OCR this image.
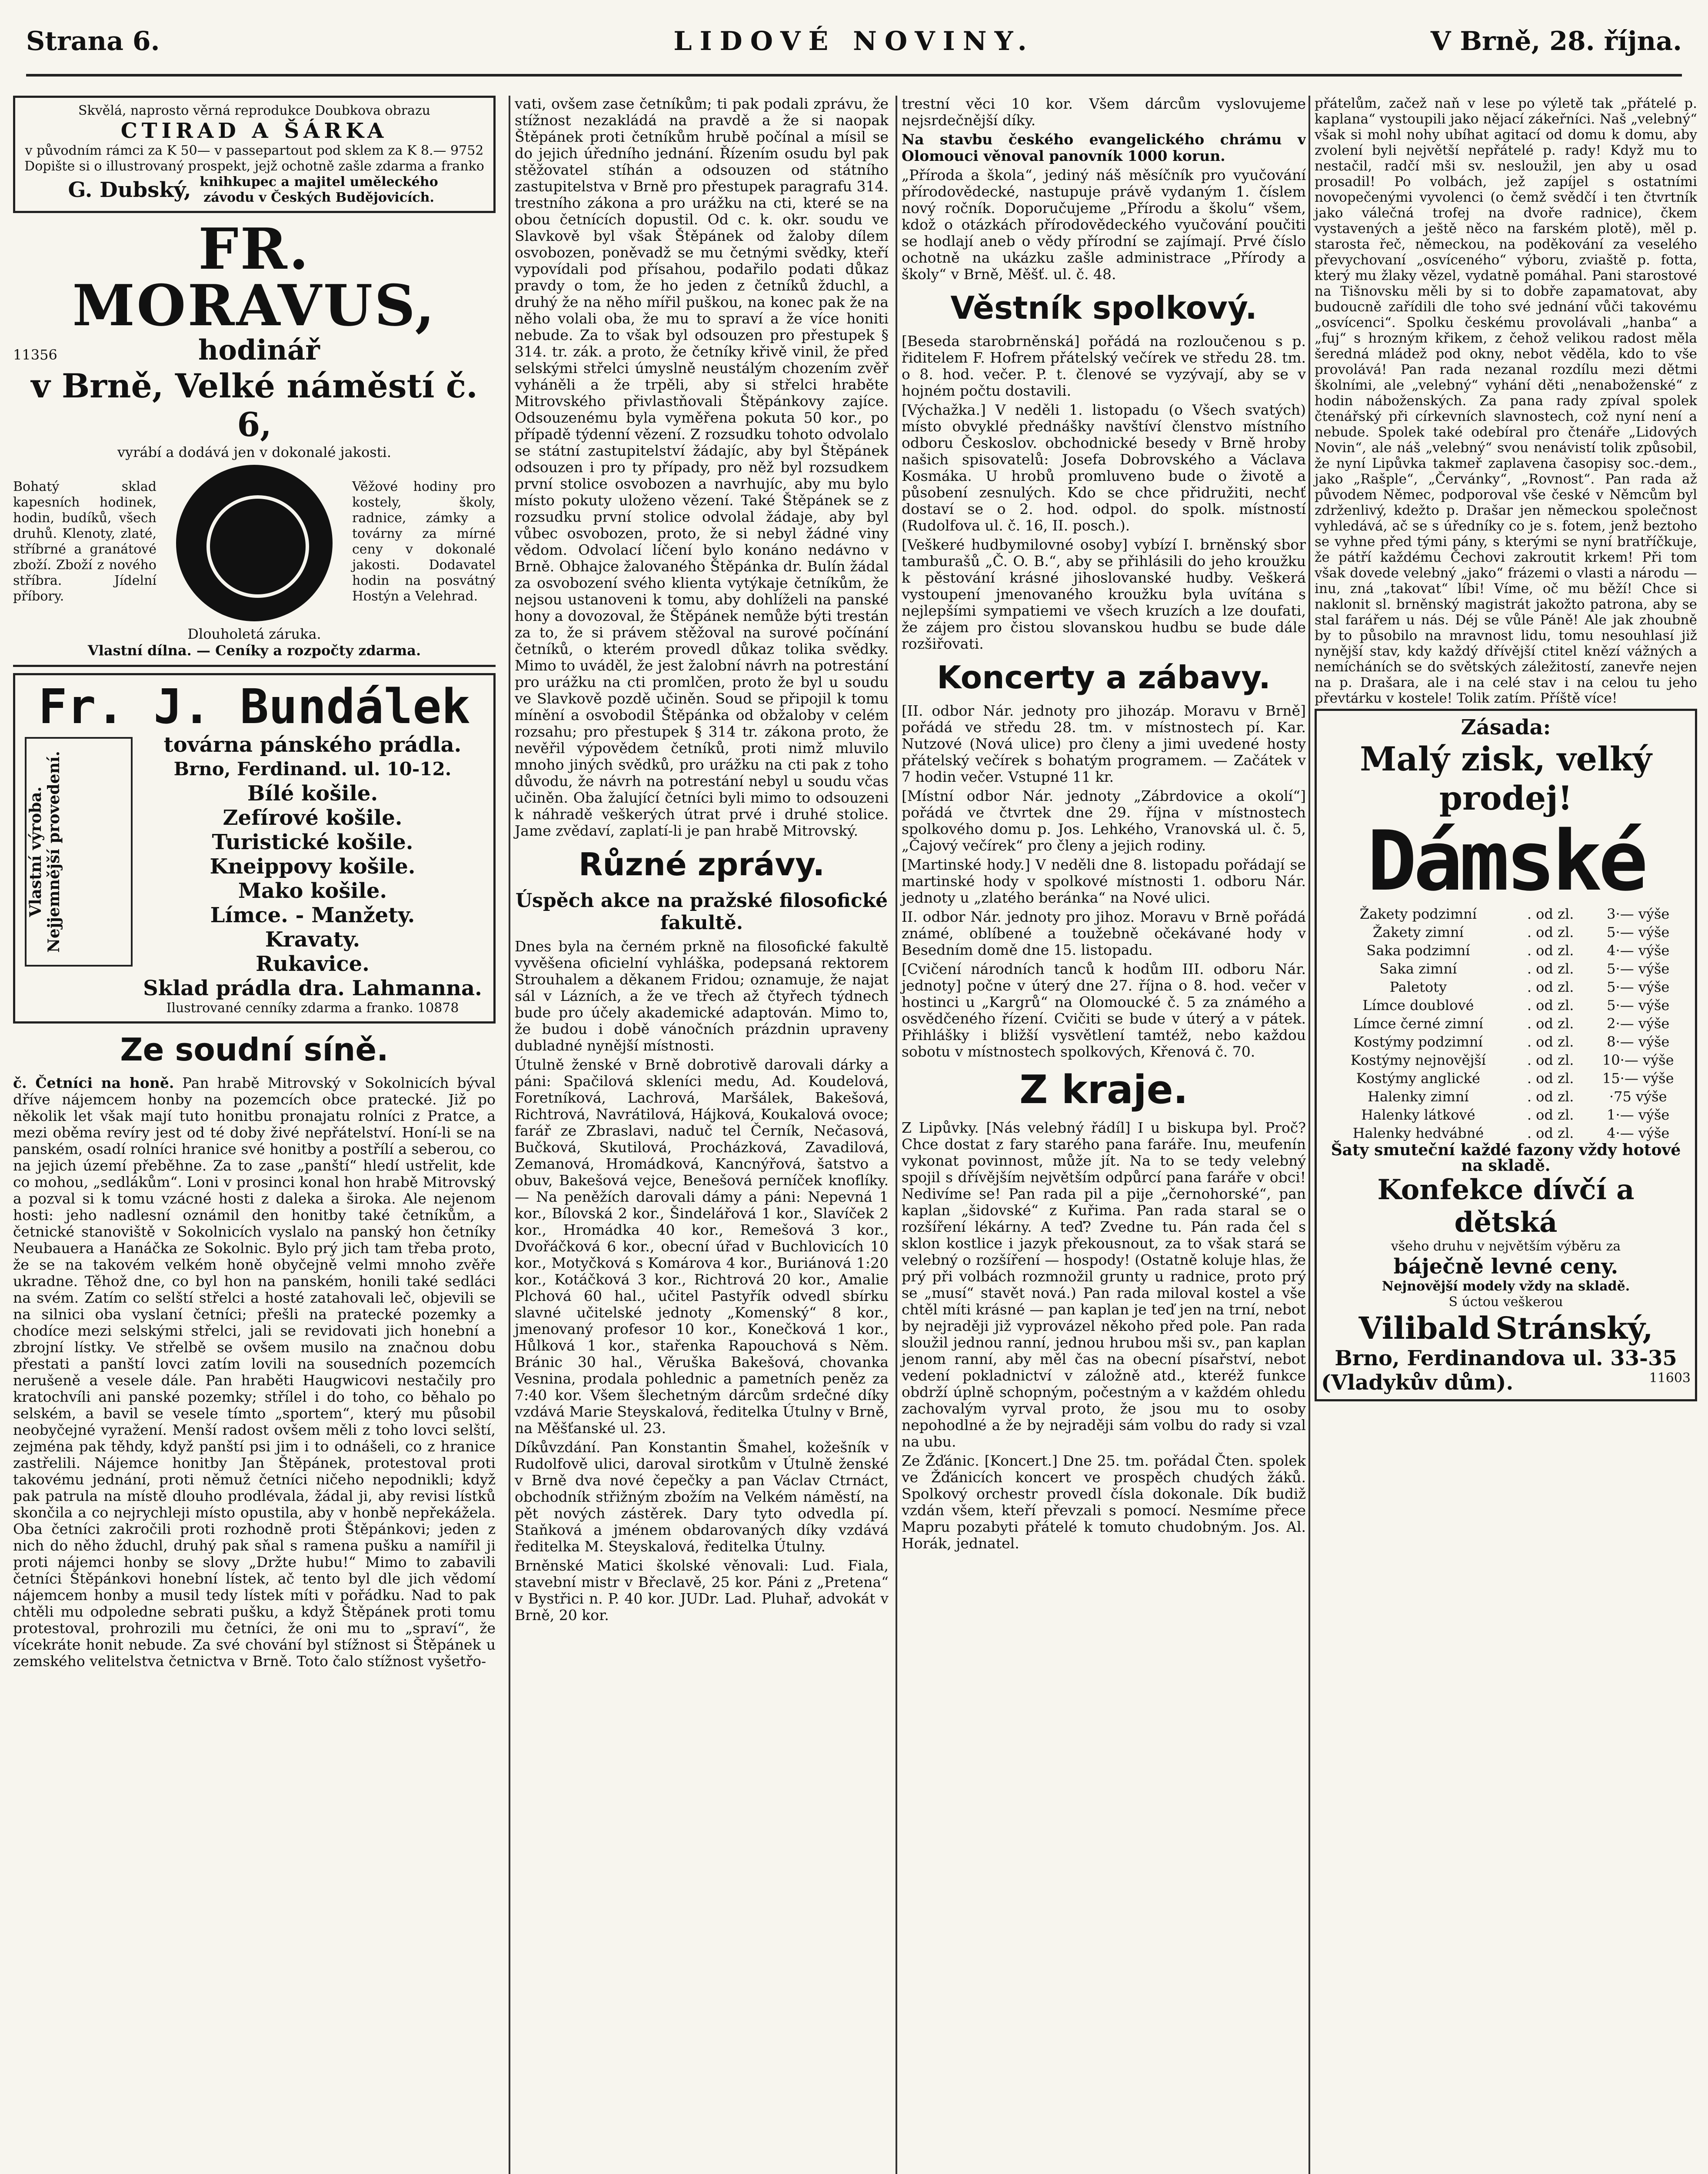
Strana 6.	LIDOVÉ NOVINY.	V Brně, 28. října.
Skvělá, naprosto věrná reprodukce Doubkova obrazu
CTIRAD A ŠÁRKA
v původním rámci za K 50— v passepartout pod sklem za K 8.— 9752
Dopište si o illustrovaný prospekt, jejž ochotně zašle zdarma a franko
G. Dubský, knihkupec a majitel uměleckého závodu v Českých Budějovicích.
FR. MORAVUS,
11356	hodinář
v Brně, Velké náměstí č. 6,
vyrábí a dodává jen v dokonalé jakosti.

Bohatý sklad kapesních hodinek, hodin, budíků, všech druhů. Klenoty, zlaté, stříbrné a granátové zboží. Zboží z nového stříbra. Jídelní příbory.

Věžové hodiny pro kostely, školy, radnice, zámky a továrny za mírné ceny v dokonalé jakosti. Dodavatel hodin na posvátný Hostýn a Velehrad.

Dlouholetá záruka.
Vlastní dílna. — Ceníky a rozpočty zdarma.
Fr. J. Bundálek
Vlastní výroba. Nejjemnější provedení.
továrna pánského prádla.
Brno, Ferdinand. ul. 10-12.
Bílé košile.
Zefírové košile.
Turistické košile.
Kneippovy košile.
Mako košile.
Límce. - Manžety.
Kravaty.
Rukavice.
Sklad prádla dra. Lahmanna.
Ilustrované cenníky zdarma a franko. 10878
Ze soudní síně.

č. Četníci na honě. Pan hrabě Mitrovský v Sokolnicích býval dříve nájemcem honby na pozemcích obce pratecké. Již po několik let však mají tuto honitbu pronajatu rolníci z Pratce, a mezi oběma revíry jest od té doby živé nepřátelství. Honí-li se na panském, osadí rolníci hranice své honitby a postřílí a seberou, co na jejich území přeběhne. Za to zase „panští“ hledí ustřelit, kde co mohou, „sedlákům“. Loni v prosinci konal hon hrabě Mitrovský a pozval si k tomu vzácné hosti z daleka a široka. Ale nejenom hosti: jeho nadlesní oznámil den honitby také četníkům, a četnické stanoviště v Sokolnicích vyslalo na panský hon četníky Neubauera a Hanáčka ze Sokolnic. Bylo prý jich tam třeba proto, že se na takovém velkém honě obyčejně velmi mnoho zvěře ukradne. Těhož dne, co byl hon na panském, honili také sedláci na svém. Zatím co selští střelci a hosté zatahovali leč, objevili se na silnici oba vyslaní četníci; přešli na pratecké pozemky a chodíce mezi selskými střelci, jali se revidovati jich honební a zbrojní lístky. Ve střelbě se ovšem musilo na značnou dobu přestati a panští lovci zatím lovili na sousedních pozemcích nerušeně a vesele dále. Pan hraběti Haugwicovi nestačily pro kratochvíli ani panské pozemky; střílel i do toho, co běhalo po selském, a bavil se vesele tímto „sportem“, který mu působil neobyčejné vyražení. Menší radost ovšem měli z toho lovci selští, zejména pak těhdy, když panští psi jim i to odnášeli, co z hranice zastřelili. Nájemce honitby Jan Štěpánek, protestoval proti takovému jednání, proti němuž četníci ničeho nepodnikli; když pak patrula na místě dlouho prodlévala, žádal ji, aby revisi lístků skončila a co nejrychleji místo opustila, aby v honbě nepřekážela. Oba četníci zakročili proti rozhodně proti Štěpánkovi; jeden z nich do něho žduchl, druhý pak sňal s ramena pušku a namířil ji proti nájemci honby se slovy „Držte hubu!“ Mimo to zabavili četníci Štěpánkovi honební lístek, ač tento byl dle jich vědomí nájemcem honby a musil tedy lístek míti v pořádku. Nad to pak chtěli mu odpoledne sebrati pušku, a když Štěpánek proti tomu protestoval, prohrozili mu četníci, že oni mu to „spraví“, že vícekráte honit nebude. Za své chování byl stížnost si Štěpánek u zemského velitelstva četnictva v Brně. Toto čalo stížnost vyšetřo-

vati, ovšem zase četníkům; ti pak podali zprávu, že stížnost nezakládá na pravdě a že si naopak Štěpánek proti četníkům hrubě počínal a mísil se do jejich úředního jednání. Řízením osudu byl pak stěžovatel stíhán a odsouzen od státního zastupitelstva v Brně pro přestupek paragrafu 314. trestního zákona a pro urážku na cti, které se na obou četnících dopustil. Od c. k. okr. soudu ve Slavkově byl však Štěpánek od žaloby dílem osvobozen, poněvadž se mu četnými svědky, kteří vypovídali pod přísahou, podařilo podati důkaz pravdy o tom, že ho jeden z četníků žduchl, a druhý že na něho mířil puškou, na konec pak že na něho volali oba, že mu to spraví a že více honiti nebude. Za to však byl odsouzen pro přestupek § 314. tr. zák. a proto, že četníky křivě vinil, že před selskými střelci úmyslně neustálým chozením zvěř vyháněli a že trpěli, aby si střelci hraběte Mitrovského přivlastňovali Štěpánkovy zajíce. Odsouzenému byla vyměřena pokuta 50 kor., po případě týdenní vězení. Z rozsudku tohoto odvolalo se státní zastupitelství žádajíc, aby byl Štěpánek odsouzen i pro ty případy, pro něž byl rozsudkem první stolice osvobozen a navrhujíc, aby mu bylo místo pokuty uloženo vězení. Také Štěpánek se z rozsudku první stolice odvolal žádaje, aby byl vůbec osvobozen, proto, že si nebyl žádné viny vědom. Odvolací líčení bylo konáno nedávno v Brně. Obhajce žalovaného Štěpánka dr. Bulín žádal za osvobození svého klienta vytýkaje četníkům, že nejsou ustanoveni k tomu, aby dohlíželi na panské hony a dovozoval, že Štěpánek nemůže býti trestán za to, že si právem stěžoval na surové počínání četníků, o kterém provedl důkaz tolika svědky. Mimo to uváděl, že jest žalobní návrh na potrestání pro urážku na cti promlčen, proto že byl u soudu ve Slavkově pozdě učiněn. Soud se připojil k tomu mínění a osvobodil Štěpánka od obžaloby v celém rozsahu; pro přestupek § 314 tr. zákona proto, že nevěřil výpovědem četníků, proti nimž mluvilo mnoho jiných svědků, pro urážku na cti pak z toho důvodu, že návrh na potrestání nebyl u soudu včas učiněn. Oba žalující četníci byli mimo to odsouzeni k náhradě veškerých útrat prvé i druhé stolice. Jame zvědaví, zaplatí-li je pan hrabě Mitrovský.

Různé zprávy.
Úspěch akce na pražské filosofické fakultě.

Dnes byla na černém prkně na filosofické fakultě vyvěšena oficielní vyhláška, podepsaná rektorem Strouhalem a děkanem Fridou; oznamuje, že najat sál v Lázních, a že ve třech až čtyřech týdnech bude pro účely akademické adaptován. Mimo to, že budou i době vánočních prázdnin upraveny dubladné nynější místnosti.

Útulně ženské v Brně dobrotivě darovali dárky a páni: Spačilová skleníci medu, Ad. Koudelová, Foretníková, Lachrová, Maršálek, Bakešová, Richtrová, Navrátilová, Hájková, Koukalová ovoce; farář ze Zbraslavi, naduč tel Černík, Nečasová, Bučková, Skutilová, Procházková, Zavadilová, Zemanová, Hromádková, Kancnýřová, šatstvo a obuv, Bakešová vejce, Benešová perníček knoflíky. — Na peněžích darovali dámy a páni: Nepevná 1 kor., Bílovská 2 kor., Šindelářová 1 kor., Slavíček 2 kor., Hromádka 40 kor., Remešová 3 kor., Dvořáčková 6 kor., obecní úřad v Buchlovicích 10 kor., Motyčková s Komárova 4 kor., Buriánová 1:20 kor., Kotáčková 3 kor., Richtrová 20 kor., Amalie Plchová 60 hal., učitel Pastyřík odvedl sbírku slavné učitelské jednoty „Komenský“ 8 kor., jmenovaný profesor 10 kor., Konečková 1 kor., Hůlková 1 kor., stařenka Rapouchová s Něm. Bránic 30 hal., Věruška Bakešová, chovanka Vesnina, prodala pohlednic a pametních peněz za 7:40 kor. Všem šlechetným dárcům srdečné díky vzdává Marie Steyskalová, ředitelka Útulny v Brně, na Měšťanské ul. 23.

Díkůvzdání. Pan Konstantin Šmahel, kožešník v Rudolfově ulici, daroval sirotkům v Útulně ženské v Brně dva nové čepečky a pan Václav Ctrnáct, obchodník střižným zbožím na Velkém náměstí, na pět nových zástěrek. Dary tyto odvedla pí. Staňková a jménem obdarovaných díky vzdává ředitelka M. Steyskalová, ředitelka Útulny.

Brněnské Matici školské věnovali: Lud. Fiala, stavební mistr v Břeclavě, 25 kor. Páni z „Pretena“ v Bystřici n. P. 40 kor. JUDr. Lad. Pluhař, advokát v Brně, 20 kor.

trestní věci 10 kor. Všem dárcům vyslovujeme nejsrdečnější díky.

Na stavbu českého evangelického chrámu v Olomouci věnoval panovník 1000 korun.

„Příroda a škola“, jediný náš měsíčník pro vyučování přírodovědecké, nastupuje právě vydaným 1. číslem nový ročník. Doporučujeme „Přírodu a školu“ všem, kdož o otázkách přírodovědeckého vyučování poučiti se hodlají aneb o vědy přírodní se zajímají. Prvé číslo ochotně na ukázku zašle administrace „Přírody a školy“ v Brně, Měšť. ul. č. 48.

Věstník spolkový.

[Beseda starobrněnská] pořádá na rozloučenou s p. řiditelem F. Hofrem přátelský večírek ve středu 28. tm. o 8. hod. večer. P. t. členové se vyzývají, aby se v hojném počtu dostavili.

[Výchažka.] V neděli 1. listopadu (o Všech svatých) místo obvyklé přednášky navštíví členstvo místního odboru Českoslov. obchodnické besedy v Brně hroby našich spisovatelů: Josefa Dobrovského a Václava Kosmáka. U hrobů promluveno bude o životě a působení zesnulých. Kdo se chce přidružiti, nechť dostaví se o 2. hod. odpol. do spolk. místností (Rudolfova ul. č. 16, II. posch.).

[Veškeré hudbymilovné osoby] vybízí I. brněnský sbor tamburašů „Č. O. B.“, aby se přihlásili do jeho kroužku k pěstování krásné jihoslovanské hudby. Veškerá vystoupení jmenovaného kroužku byla uvítána s nejlepšími sympatiemi ve všech kruzích a lze doufati, že zájem pro čistou slovanskou hudbu se bude dále rozšiřovati.

Koncerty a zábavy.

[II. odbor Nár. jednoty pro jihozáp. Moravu v Brně] pořádá ve středu 28. tm. v místnostech pí. Kar. Nutzové (Nová ulice) pro členy a jimi uvedené hosty přátelský večírek s bohatým programem. — Začátek v 7 hodin večer. Vstupné 11 kr.

[Místní odbor Nár. jednoty „Zábrdovice a okolí“] pořádá ve čtvrtek dne 29. října v místnostech spolkového domu p. Jos. Lehkého, Vranovská ul. č. 5, „Čajový večírek“ pro členy a jejich rodiny.

[Martinské hody.] V neděli dne 8. listopadu pořádají se martinské hody v spolkové místnosti 1. odboru Nár. jednoty u „zlatého beránka“ na Nové ulici.

II. odbor Nár. jednoty pro jihoz. Moravu v Brně pořádá známé, oblíbené a toužebně očekávané hody v Besedním domě dne 15. listopadu.

[Cvičení národních tanců k hodům III. odboru Nár. jednoty] počne v úterý dne 27. října o 8. hod. večer v hostinci u „Kargrů“ na Olomoucké č. 5 za známého a osvědčeného řízení. Cvičiti se bude v úterý a v pátek. Přihlášky i bližší vysvětlení tamtéž, nebo každou sobotu v místnostech spolkových, Křenová č. 70.

Z kraje.

Z Lipůvky. [Nás velebný řádíl] I u biskupa byl. Proč? Chce dostat z fary starého pana faráře. Inu, meufenín vykonat povinnost, může jít. Na to se tedy velebný spojil s dřívějším největším odpůrcí pana faráře v obci! Nedivíme se! Pan rada pil a pije „černohorské“, pan kaplan „šidovské“ z Kuřima. Pan rada staral se o rozšíření lékárny. A teď? Zvedne tu. Pán rada čel s sklon kostlice i jazyk překousnout, za to však stará se velebný o rozšíření — hospody! (Ostatně koluje hlas, že prý při volbách rozmnožil grunty u radnice, proto prý se „musí“ stavět nová.) Pan rada miloval kostel a vše chtěl míti krásné — pan kaplan je teď jen na trní, nebot by nejraději již vyprovázel někoho před pole. Pan rada sloužil jednou ranní, jednou hrubou mši sv., pan kaplan jenom ranní, aby měl čas na obecní písařství, nebot vedení pokladnictví v záložně atd., kteréž funkce obdrží úplně schopným, počestným a v každém ohledu zachovalým vyrval proto, že jsou mu to osoby nepohodlné a že by nejraději sám volbu do rady si vzal na ubu.

Ze Žďánic. [Koncert.] Dne 25. tm. pořádal Čten. spolek ve Žďánicích koncert ve prospěch chudých žáků. Spolkový orchestr provedl čísla dokonale. Dík budiž vzdán všem, kteří převzali s pomocí. Nesmíme přece Mapru pozabyti přátelé k tomuto chudobným. Jos. Al. Horák, jednatel.

přátelům, začež naň v lese po výletě tak „přátelé p. kaplana“ vystoupili jako nějací zákeřníci. Naš „velebný“ však si mohl nohy ubíhat agitací od domu k domu, aby zvolení byli největší nepřátelé p. rady! Když mu to nestačil, radčí mši sv. nesloužil, jen aby u osad prosadil! Po volbách, jež zapíjel s ostatními novopečenými vyvolenci (o čemž svědčí i ten čtvrtník jako válečná trofej na dvoře radnice), čkem vystavených a ještě něco na farském plotě), měl p. starosta řeč, německou, na poděkování za veselého převychovaní „osvíceného“ výboru, zviaště p. fotta, který mu žlaky vězel, vydatně pomáhal. Pani starostové na Tišnovsku měli by si to dobře zapamatovat, aby budoucně zařídili dle toho své jednání vůči takovému „osvícenci“. Spolku českému provolávali „hanba“ a „fuj“ s hrozným křikem, z čehož velikou radost měla šeredná mládež pod okny, nebot věděla, kdo to vše provolává! Pan rada nezanal rozdílu mezi dětmi školními, ale „velebný“ vyhání děti „nenaboženské“ z hodin náboženských. Za pana rady zpíval spolek čtenářský při církevních slavnostech, což nyní není a nebude. Spolek také odebíral pro čtenáře „Lidových Novin“, ale náš „velebný“ svou nenávistí tolik způsobil, že nyní Lipůvka takmeř zaplavena časopisy soc.-dem., jako „Rašple“, „Červánky“, „Rovnost“. Pan rada až původem Němec, podporoval vše české v Němcům byl zdrženlivý, kdežto p. Drašar jen německou společnost vyhledává, ač se s úředníky co je s. fotem, jenž beztoho se vyhne před tými pány, s kterými se nyní bratříčkuje, že pátří každému Čechovi zakroutit krkem! Při tom však dovede velebný „jako“ frázemi o vlasti a národu — inu, zná „takovat“ líbi! Víme, oč mu běží! Chce si naklonit sl. brněnský magistrát jakožto patrona, aby se stal farářem u nás. Déj se vůle Páně! Ale jak zhoubně by to působilo na mravnost lidu, tomu nesouhlasí již nynější stav, kdy každý dřívější ctitel knězí vážných a nemícháních se do světských záležitostí, zanevře nejen na p. Drašara, ale i na celé stav i na celou tu jeho převtárku v kostele! Tolik zatím. Příště více!

Zásada:
Malý zisk, velký prodej!
Dámské
Žakety podzimní	. od zl.	3·— výše
Žakety zimní	. od zl.	5·— výše
Saka podzimní	. od zl.	4·— výše
Saka zimní	. od zl.	5·— výše
Paletoty	. od zl.	5·— výše
Límce doublové	. od zl.	5·— výše
Límce černé zimní	. od zl.	2·— výše
Kostýmy podzimní	. od zl.	8·— výše
Kostýmy nejnovější	. od zl.	10·— výše
Kostýmy anglické	. od zl.	15·— výše
Halenky zimní	. od zl.	·75 výše
Halenky látkové	. od zl.	1·— výše
Halenky hedvábné	. od zl.	4·— výše
Šaty smuteční každé fazony vždy hotové na skladě.
Konfekce dívčí a dětská
všeho druhu v největším výběru za
báječně levné ceny.
Nejnovější modely vždy na skladě.
S úctou veškerou
Vilibald Stránský,
Brno, Ferdinandova ul. 33-35
(Vladykův dům).	11603
